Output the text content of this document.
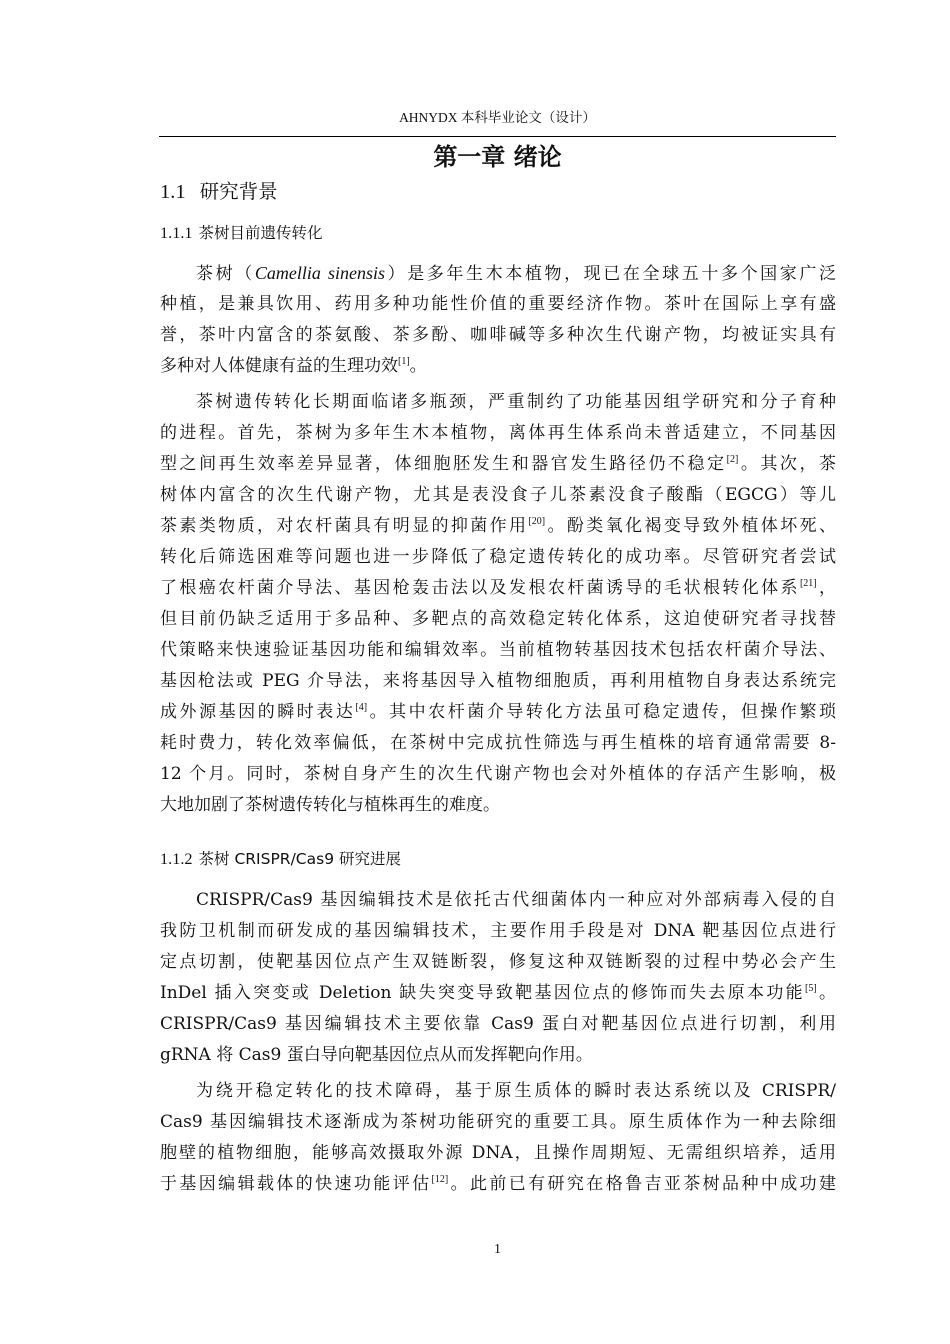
AHNYDX 本科毕业论文（设计）
第一章 绪论
1.1 研究背景
1.1.1 茶树目前遗传转化
茶树（Camellia sinensis）是多年生木本植物，现已在全球五十多个国家广泛
种植，是兼具饮用、药用多种功能性价值的重要经济作物。茶叶在国际上享有盛
誉，茶叶内富含的茶氨酸、茶多酚、咖啡碱等多种次生代谢产物，均被证实具有
多种对人体健康有益的生理功效[1]。
茶树遗传转化长期面临诸多瓶颈，严重制约了功能基因组学研究和分子育种
的进程。首先，茶树为多年生木本植物，离体再生体系尚未普适建立，不同基因
型之间再生效率差异显著，体细胞胚发生和器官发生路径仍不稳定[2]。其次，茶
树体内富含的次生代谢产物，尤其是表没食子儿茶素没食子酸酯（EGCG）等儿
茶素类物质，对农杆菌具有明显的抑菌作用[20]。酚类氧化褐变导致外植体坏死、
转化后筛选困难等问题也进一步降低了稳定遗传转化的成功率。尽管研究者尝试
了根癌农杆菌介导法、基因枪轰击法以及发根农杆菌诱导的毛状根转化体系[21]，
但目前仍缺乏适用于多品种、多靶点的高效稳定转化体系，这迫使研究者寻找替
代策略来快速验证基因功能和编辑效率。当前植物转基因技术包括农杆菌介导法、
基因枪法或 PEG 介导法，来将基因导入植物细胞质，再利用植物自身表达系统完
成外源基因的瞬时表达[4]。其中农杆菌介导转化方法虽可稳定遗传，但操作繁琐
耗时费力，转化效率偏低，在茶树中完成抗性筛选与再生植株的培育通常需要 8-
12 个月。同时，茶树自身产生的次生代谢产物也会对外植体的存活产生影响，极
大地加剧了茶树遗传转化与植株再生的难度。
1.1.2 茶树 CRISPR/Cas9 研究进展
CRISPR/Cas9 基因编辑技术是依托古代细菌体内一种应对外部病毒入侵的自
我防卫机制而研发成的基因编辑技术，主要作用手段是对 DNA 靶基因位点进行
定点切割，使靶基因位点产生双链断裂，修复这种双链断裂的过程中势必会产生
InDel 插入突变或 Deletion 缺失突变导致靶基因位点的修饰而失去原本功能[5]。
CRISPR/Cas9 基因编辑技术主要依靠 Cas9 蛋白对靶基因位点进行切割，利用
gRNA 将 Cas9 蛋白导向靶基因位点从而发挥靶向作用。
为绕开稳定转化的技术障碍，基于原生质体的瞬时表达系统以及 CRISPR/
Cas9 基因编辑技术逐渐成为茶树功能研究的重要工具。原生质体作为一种去除细
胞壁的植物细胞，能够高效摄取外源 DNA，且操作周期短、无需组织培养，适用
于基因编辑载体的快速功能评估[12]。此前已有研究在格鲁吉亚茶树品种中成功建
1
